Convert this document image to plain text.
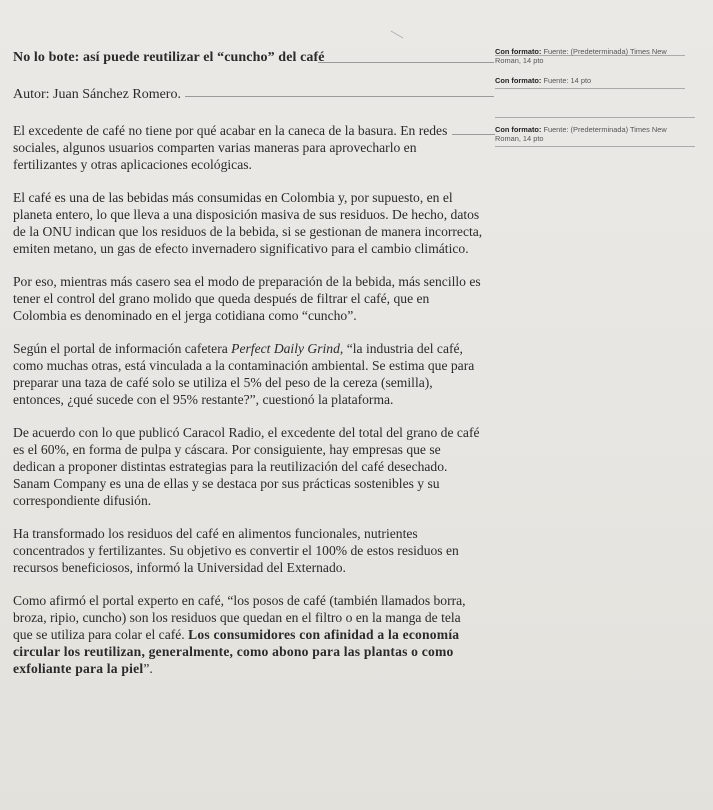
No lo bote: así puede reutilizar el “cuncho” del café
Autor: Juan Sánchez Romero.

El excedente de café no tiene por qué acabar en la caneca de la basura. En redes sociales, algunos usuarios comparten varias maneras para aprovecharlo en fertilizantes y otras aplicaciones ecológicas.

El café es una de las bebidas más consumidas en Colombia y, por supuesto, en el planeta entero, lo que lleva a una disposición masiva de sus residuos. De hecho, datos de la ONU indican que los residuos de la bebida, si se gestionan de manera incorrecta, emiten metano, un gas de efecto invernadero significativo para el cambio climático.

Por eso, mientras más casero sea el modo de preparación de la bebida, más sencillo es tener el control del grano molido que queda después de filtrar el café, que en Colombia es denominado en el jerga cotidiana como “cuncho”.

Según el portal de información cafetera Perfect Daily Grind, “la industria del café, como muchas otras, está vinculada a la contaminación ambiental. Se estima que para preparar una taza de café solo se utiliza el 5% del peso de la cereza (semilla), entonces, ¿qué sucede con el 95% restante?”, cuestionó la plataforma.

De acuerdo con lo que publicó Caracol Radio, el excedente del total del grano de café es el 60%, en forma de pulpa y cáscara. Por consiguiente, hay empresas que se dedican a proponer distintas estrategias para la reutilización del café desechado. Sanam Company es una de ellas y se destaca por sus prácticas sostenibles y su correspondiente difusión.

Ha transformado los residuos del café en alimentos funcionales, nutrientes concentrados y fertilizantes. Su objetivo es convertir el 100% de estos residuos en recursos beneficiosos, informó la Universidad del Externado.

Como afirmó el portal experto en café, “los posos de café (también llamados borra, broza, ripio, cuncho) son los residuos que quedan en el filtro o en la manga de tela que se utiliza para colar el café. Los consumidores con afinidad a la economía circular los reutilizan, generalmente, como abono para las plantas o como exfoliante para la piel”.

Con formato: Fuente: (Predeterminada) Times New
Roman, 14 pto
Con formato: Fuente: 14 pto
Con formato: Fuente: (Predeterminada) Times New
Roman, 14 pto
